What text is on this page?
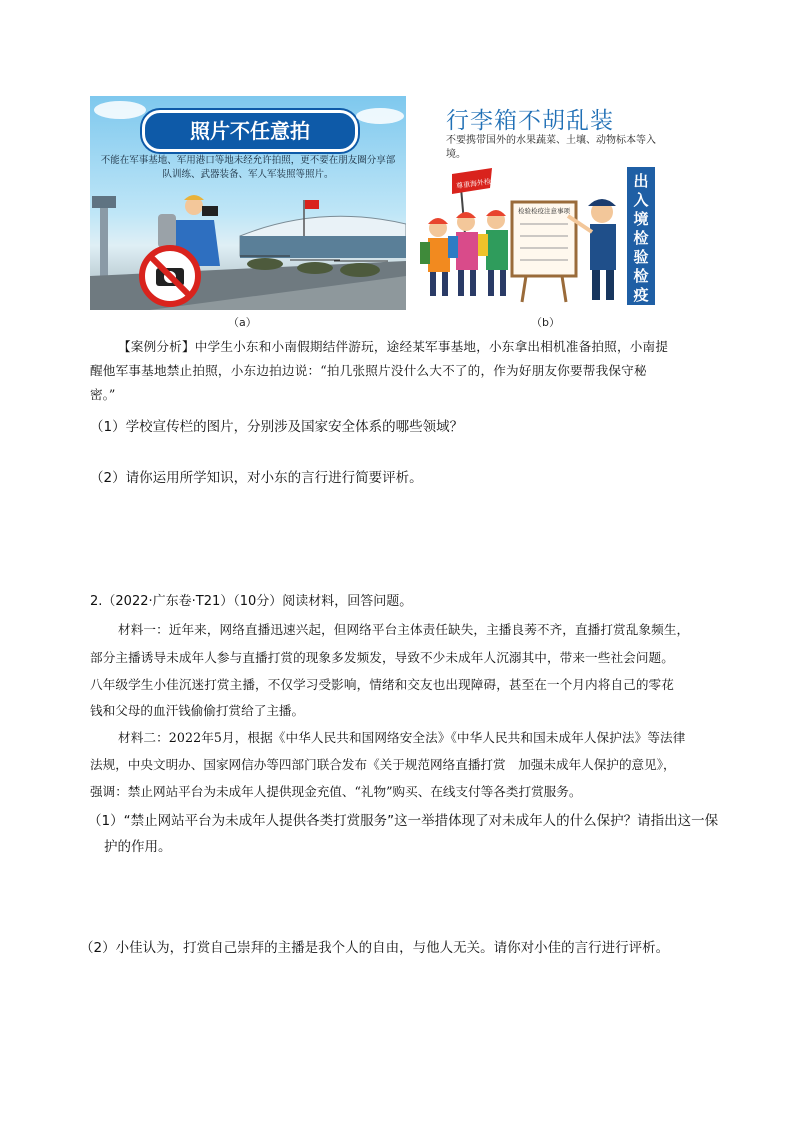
照片不任意拍
不能在军事基地、军用港口等地未经允许拍照，更不要在朋友圈分享部队训练、武器装备、军人军装照等照片。
（a）
行李箱不胡乱装
不要携带国外的水果蔬菜、土壤、动物标本等入境。
尊重海外检疫法
检验检疫注意事项
出入境检验检疫
（b）
【案例分析】中学生小东和小南假期结伴游玩，途经某军事基地，小东拿出相机准备拍照，小南提
醒他军事基地禁止拍照，小东边拍边说：“拍几张照片没什么大不了的，作为好朋友你要帮我保守秘
密。”
（1）学校宣传栏的图片，分别涉及国家安全体系的哪些领域？
（2）请你运用所学知识，对小东的言行进行简要评析。
2.（2022·广东卷·T21）（10分）阅读材料，回答问题。
材料一：近年来，网络直播迅速兴起，但网络平台主体责任缺失，主播良莠不齐，直播打赏乱象频生，
部分主播诱导未成年人参与直播打赏的现象多发频发，导致不少未成年人沉溺其中，带来一些社会问题。
八年级学生小佳沉迷打赏主播，不仅学习受影响，情绪和交友也出现障碍，甚至在一个月内将自己的零花
钱和父母的血汗钱偷偷打赏给了主播。
材料二：2022年5月，根据《中华人民共和国网络安全法》《中华人民共和国未成年人保护法》等法律
法规，中央文明办、国家网信办等四部门联合发布《关于规范网络直播打赏　加强未成年人保护的意见》，
强调：禁止网站平台为未成年人提供现金充值、“礼物”购买、在线支付等各类打赏服务。
（1）“禁止网站平台为未成年人提供各类打赏服务”这一举措体现了对未成年人的什么保护？请指出这一保
护的作用。
（2）小佳认为，打赏自己崇拜的主播是我个人的自由，与他人无关。请你对小佳的言行进行评析。
